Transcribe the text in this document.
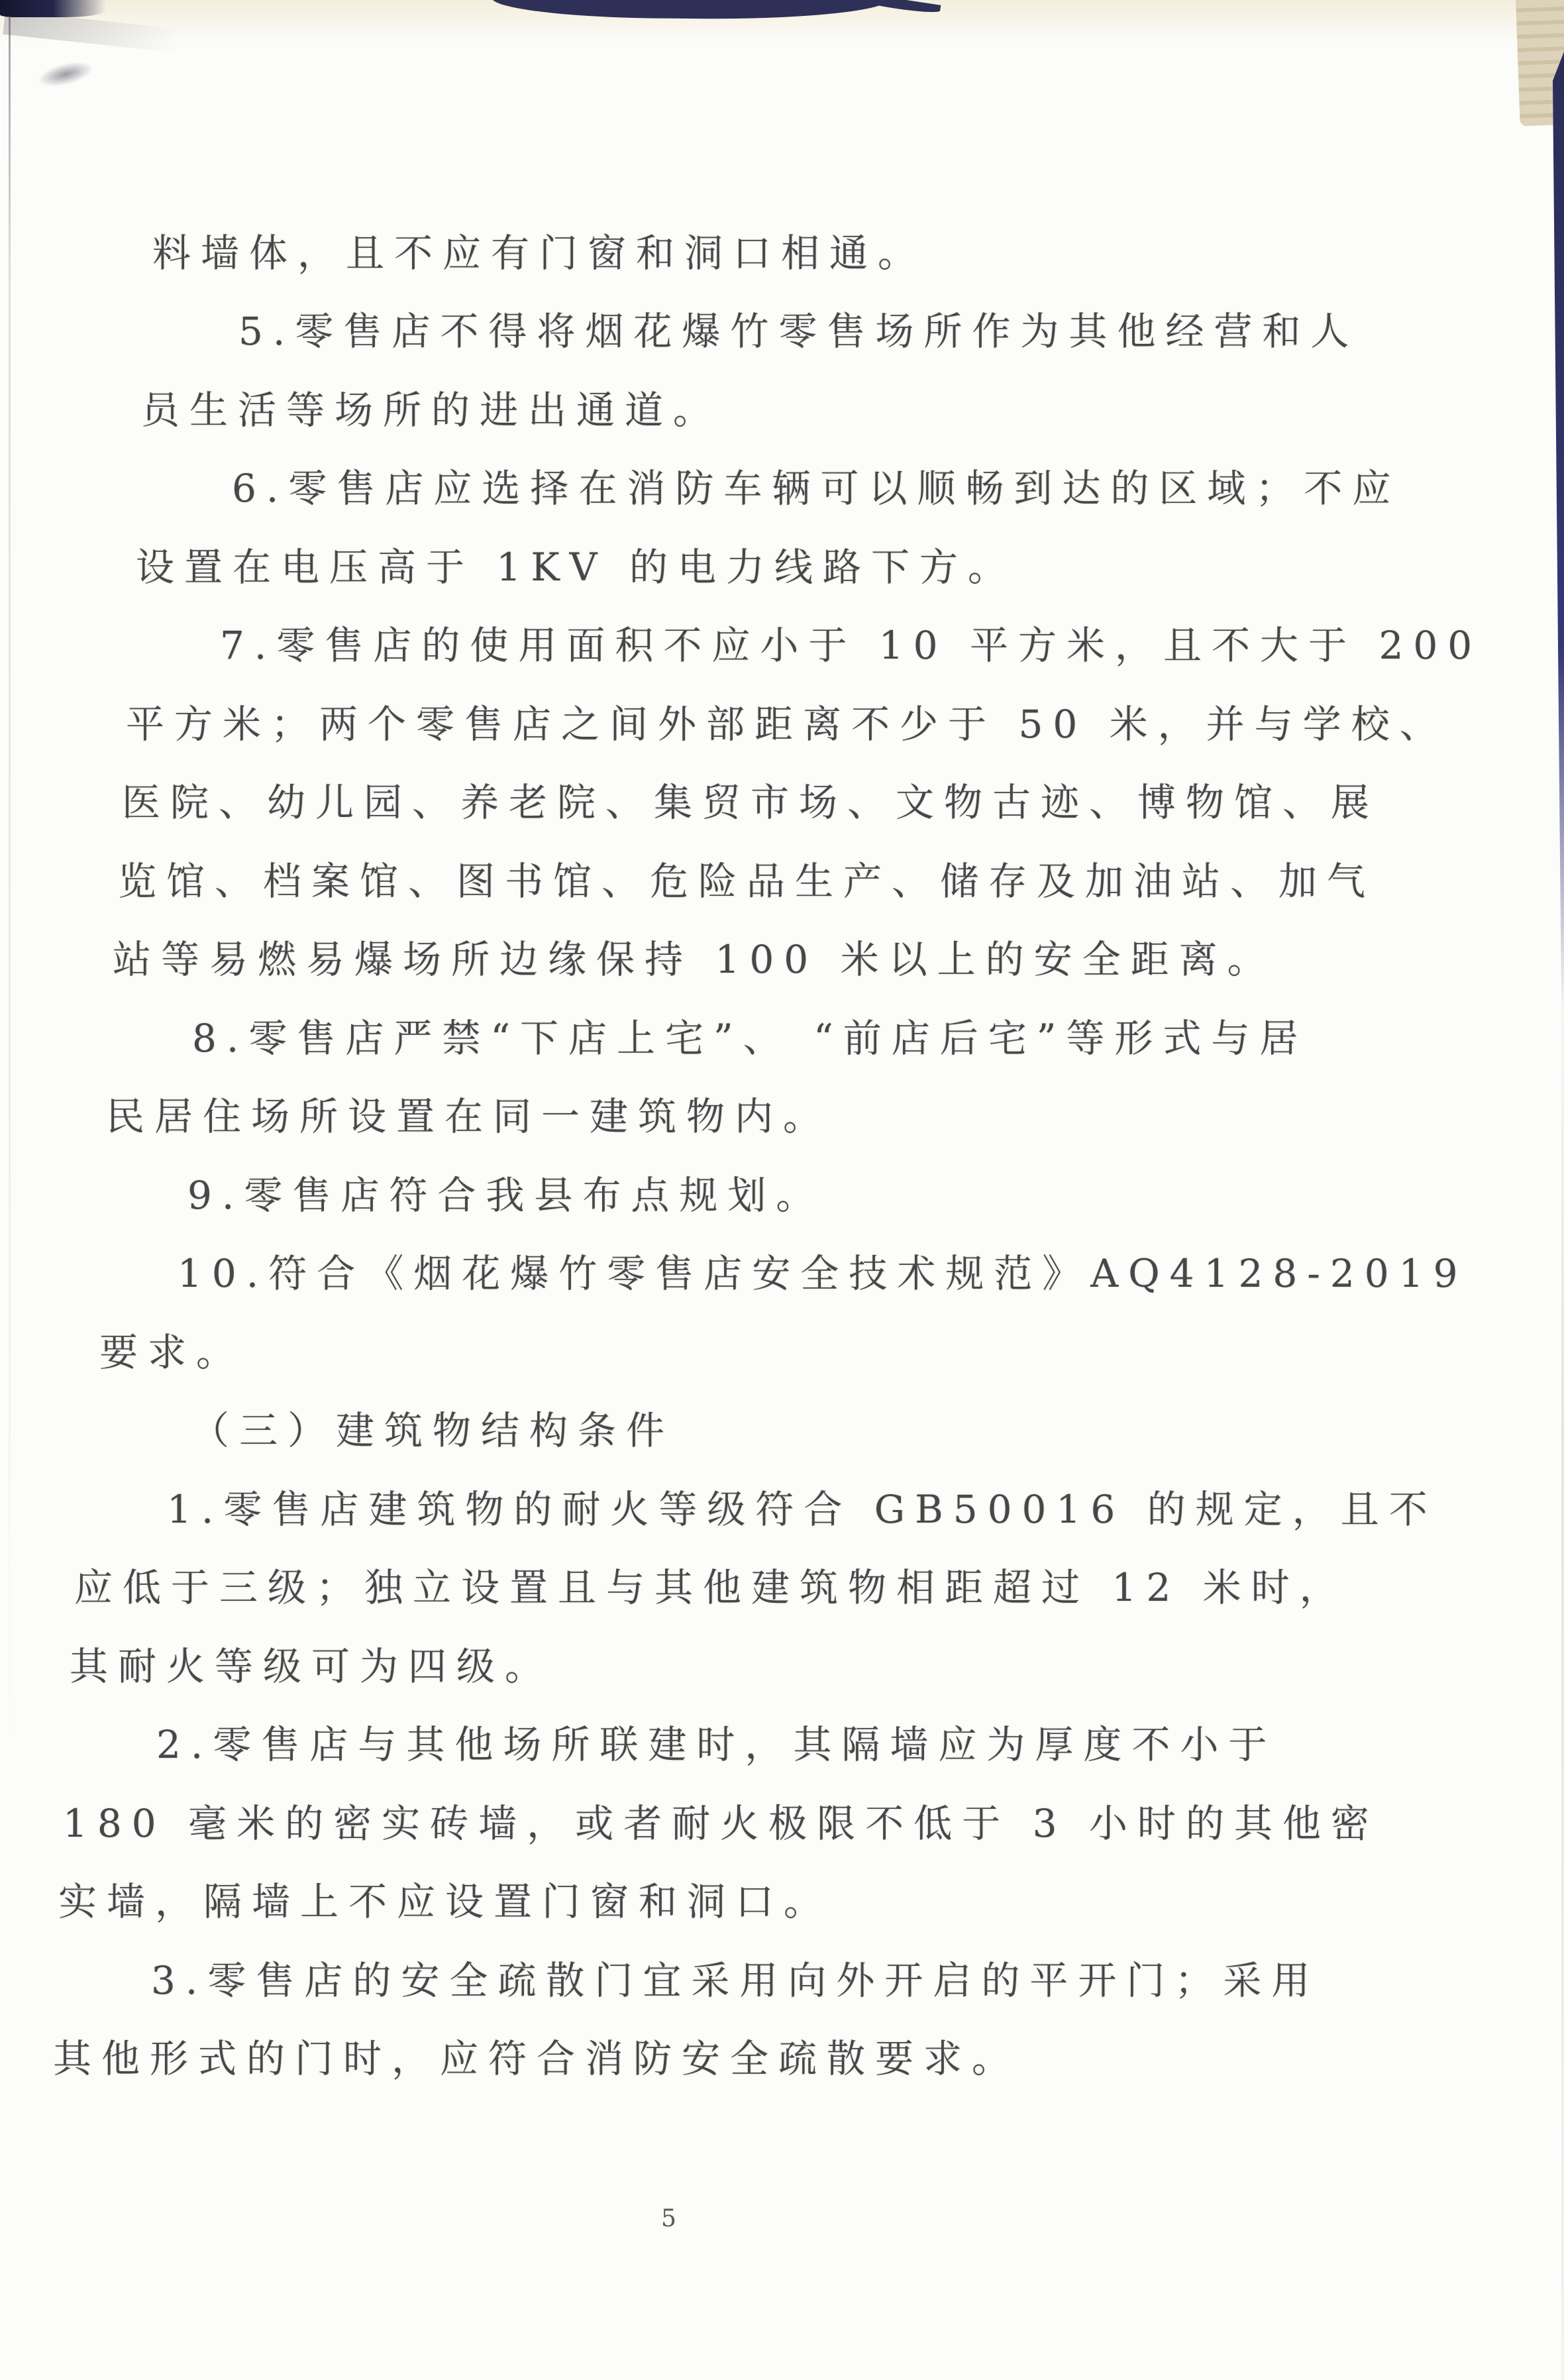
料墙体，且不应有门窗和洞口相通。
5.零售店不得将烟花爆竹零售场所作为其他经营和人
员生活等场所的进出通道。
6.零售店应选择在消防车辆可以顺畅到达的区域；不应
设置在电压高于 1KV 的电力线路下方。
7.零售店的使用面积不应小于 10 平方米，且不大于 200
平方米；两个零售店之间外部距离不少于 50 米，并与学校、
医院、幼儿园、养老院、集贸市场、文物古迹、博物馆、展
览馆、档案馆、图书馆、危险品生产、储存及加油站、加气
站等易燃易爆场所边缘保持 100 米以上的安全距离。
8.零售店严禁“下店上宅”、 “前店后宅”等形式与居
民居住场所设置在同一建筑物内。
9.零售店符合我县布点规划。
10.符合《烟花爆竹零售店安全技术规范》AQ4128-2019
要求。
（三）建筑物结构条件
1.零售店建筑物的耐火等级符合 GB50016 的规定，且不
应低于三级；独立设置且与其他建筑物相距超过 12 米时，
其耐火等级可为四级。
2.零售店与其他场所联建时，其隔墙应为厚度不小于
180 毫米的密实砖墙，或者耐火极限不低于 3 小时的其他密
实墙，隔墙上不应设置门窗和洞口。
3.零售店的安全疏散门宜采用向外开启的平开门；采用
其他形式的门时，应符合消防安全疏散要求。
5
